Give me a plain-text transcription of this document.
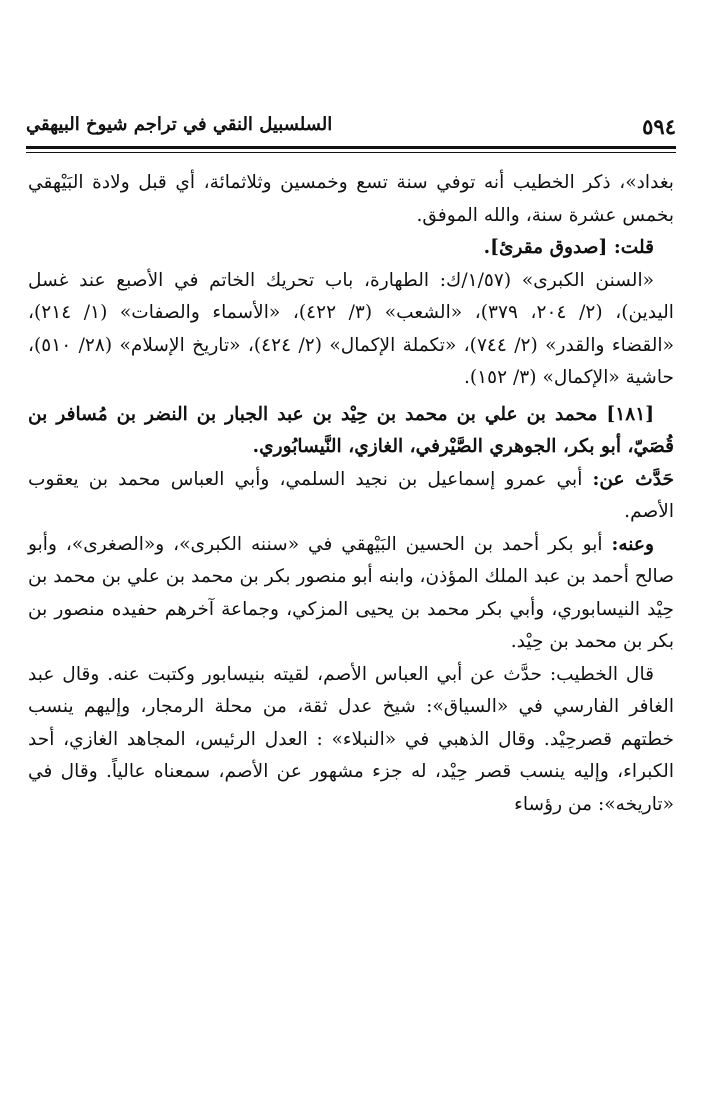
٥٩٤
السلسبيل النقي في تراجم شيوخ البيهقي

بغداد»، ذكر الخطيب أنه توفي سنة تسع وخمسين وثلاثمائة، أي قبل ولادة البَيْهقي بخمس عشرة سنة، والله الموفق.

قلت: [صدوق مقرئ].

«السنن الكبرى» (١/٥٧/ك: الطهارة، باب تحريك الخاتم في الأصبع عند غسل اليدين)، (٢/ ٢٠٤، ٣٧٩)، «الشعب» (٣/ ٤٢٢)، «الأسماء والصفات» (١/ ٢١٤)، «القضاء والقدر» (٢/ ٧٤٤)، «تكملة الإكمال» (٢/ ٤٢٤)، «تاريخ الإسلام» (٢٨/ ٥١٠)، حاشية «الإكمال» (٣/ ١٥٢).

[١٨١] محمد بن علي بن محمد بن حِيْد بن عبد الجبار بن النضر بن مُسافر بن قُصَيّ، أبو بكر، الجوهري الصَّيْرفي، الغازي، النَّيسابُوري.

حَدَّث عن: أبي عمرو إسماعيل بن نجيد السلمي، وأبي العباس محمد بن يعقوب الأصم.

وعنه: أبو بكر أحمد بن الحسين البَيْهقي في «سننه الكبرى»، و«الصغرى»، وأبو صالح أحمد بن عبد الملك المؤذن، وابنه أبو منصور بكر بن محمد بن علي بن محمد بن حِيْد النيسابوري، وأبي بكر محمد بن يحيى المزكي، وجماعة آخرهم حفيده منصور بن بكر بن محمد بن حِيْد.

قال الخطيب: حدَّث عن أبي العباس الأصم، لقيته بنيسابور وكتبت عنه. وقال عبد الغافر الفارسي في «السياق»: شيخ عدل ثقة، من محلة الرمجار، وإليهم ينسب خطتهم قصرحِيْد. وقال الذهبي في «النبلاء» : العدل الرئيس، المجاهد الغازي، أحد الكبراء، وإليه ينسب قصر حِيْد، له جزء مشهور عن الأصم، سمعناه عالياً. وقال في «تاريخه»: من رؤساء
